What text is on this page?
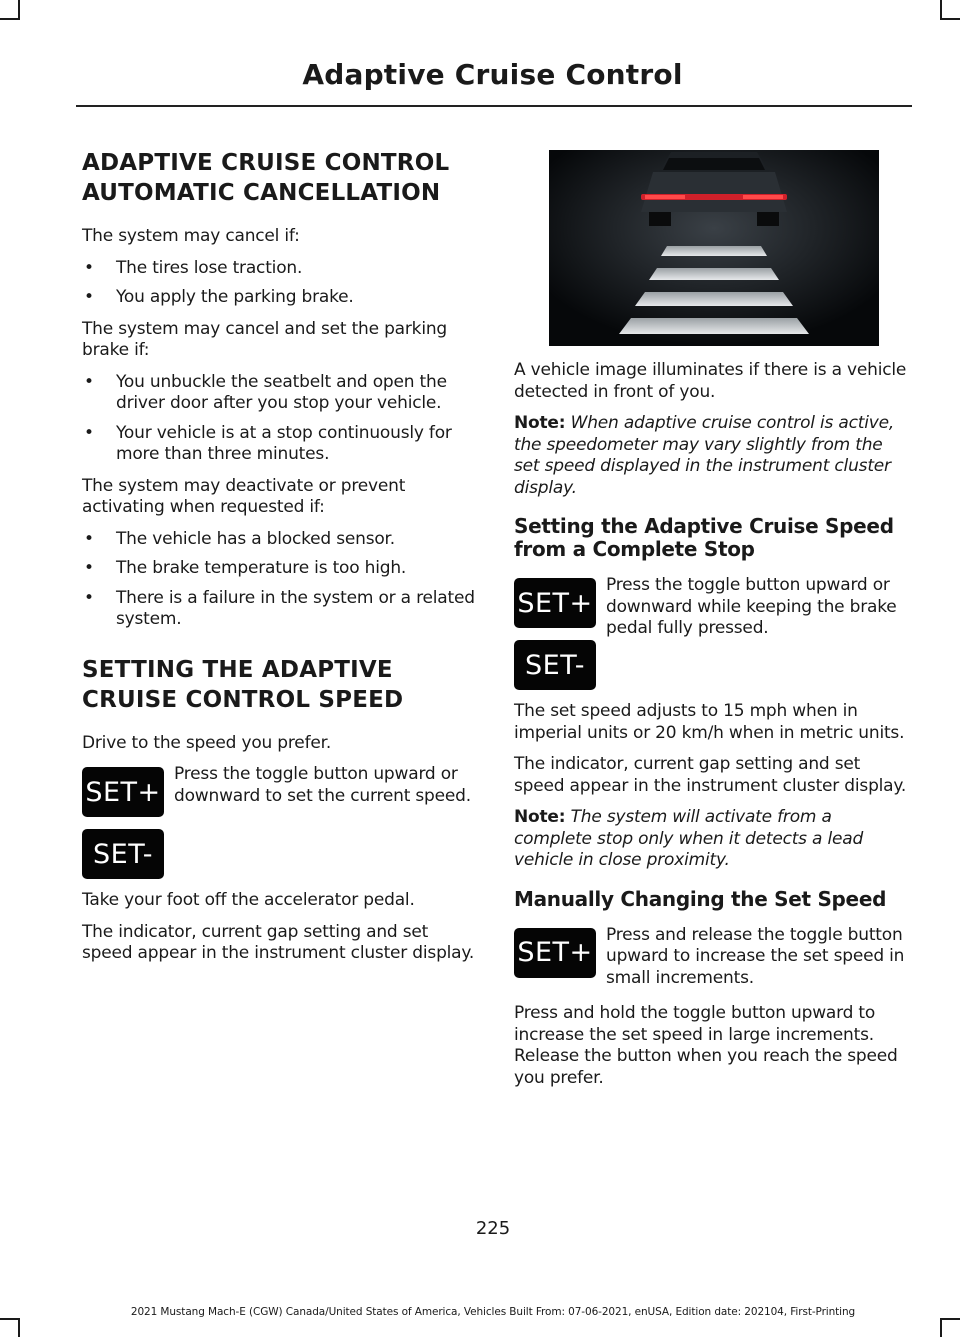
Adaptive Cruise Control
ADAPTIVE CRUISE CONTROL AUTOMATIC CANCELLATION

The system may cancel if:

• The tires lose traction.
• You apply the parking brake.

The system may cancel and set the parking brake if:

• You unbuckle the seatbelt and open the driver door after you stop your vehicle.
• Your vehicle is at a stop continuously for more than three minutes.

The system may deactivate or prevent activating when requested if:

• The vehicle has a blocked sensor.
• The brake temperature is too high.
• There is a failure in the system or a related system.
SETTING THE ADAPTIVE CRUISE CONTROL SPEED

Drive to the speed you prefer.

SET+
SET-

Press the toggle button upward or downward to set the current speed.

Take your foot off the accelerator pedal.

The indicator, current gap setting and set speed appear in the instrument cluster display.

A vehicle image illuminates if there is a vehicle detected in front of you.

Note: When adaptive cruise control is active, the speedometer may vary slightly from the set speed displayed in the instrument cluster display.

Setting the Adaptive Cruise Speed from a Complete Stop
SET+
SET-

Press the toggle button upward or downward while keeping the brake pedal fully pressed.

The set speed adjusts to 15 mph when in imperial units or 20 km/h when in metric units.

The indicator, current gap setting and set speed appear in the instrument cluster display.

Note: The system will activate from a complete stop only when it detects a lead vehicle in close proximity.

Manually Changing the Set Speed
SET+

Press and release the toggle button upward to increase the set speed in small increments.

Press and hold the toggle button upward to increase the set speed in large increments. Release the button when you reach the speed you prefer.

225
2021 Mustang Mach-E (CGW) Canada/United States of America, Vehicles Built From: 07-06-2021, enUSA, Edition date: 202104, First-Printing
